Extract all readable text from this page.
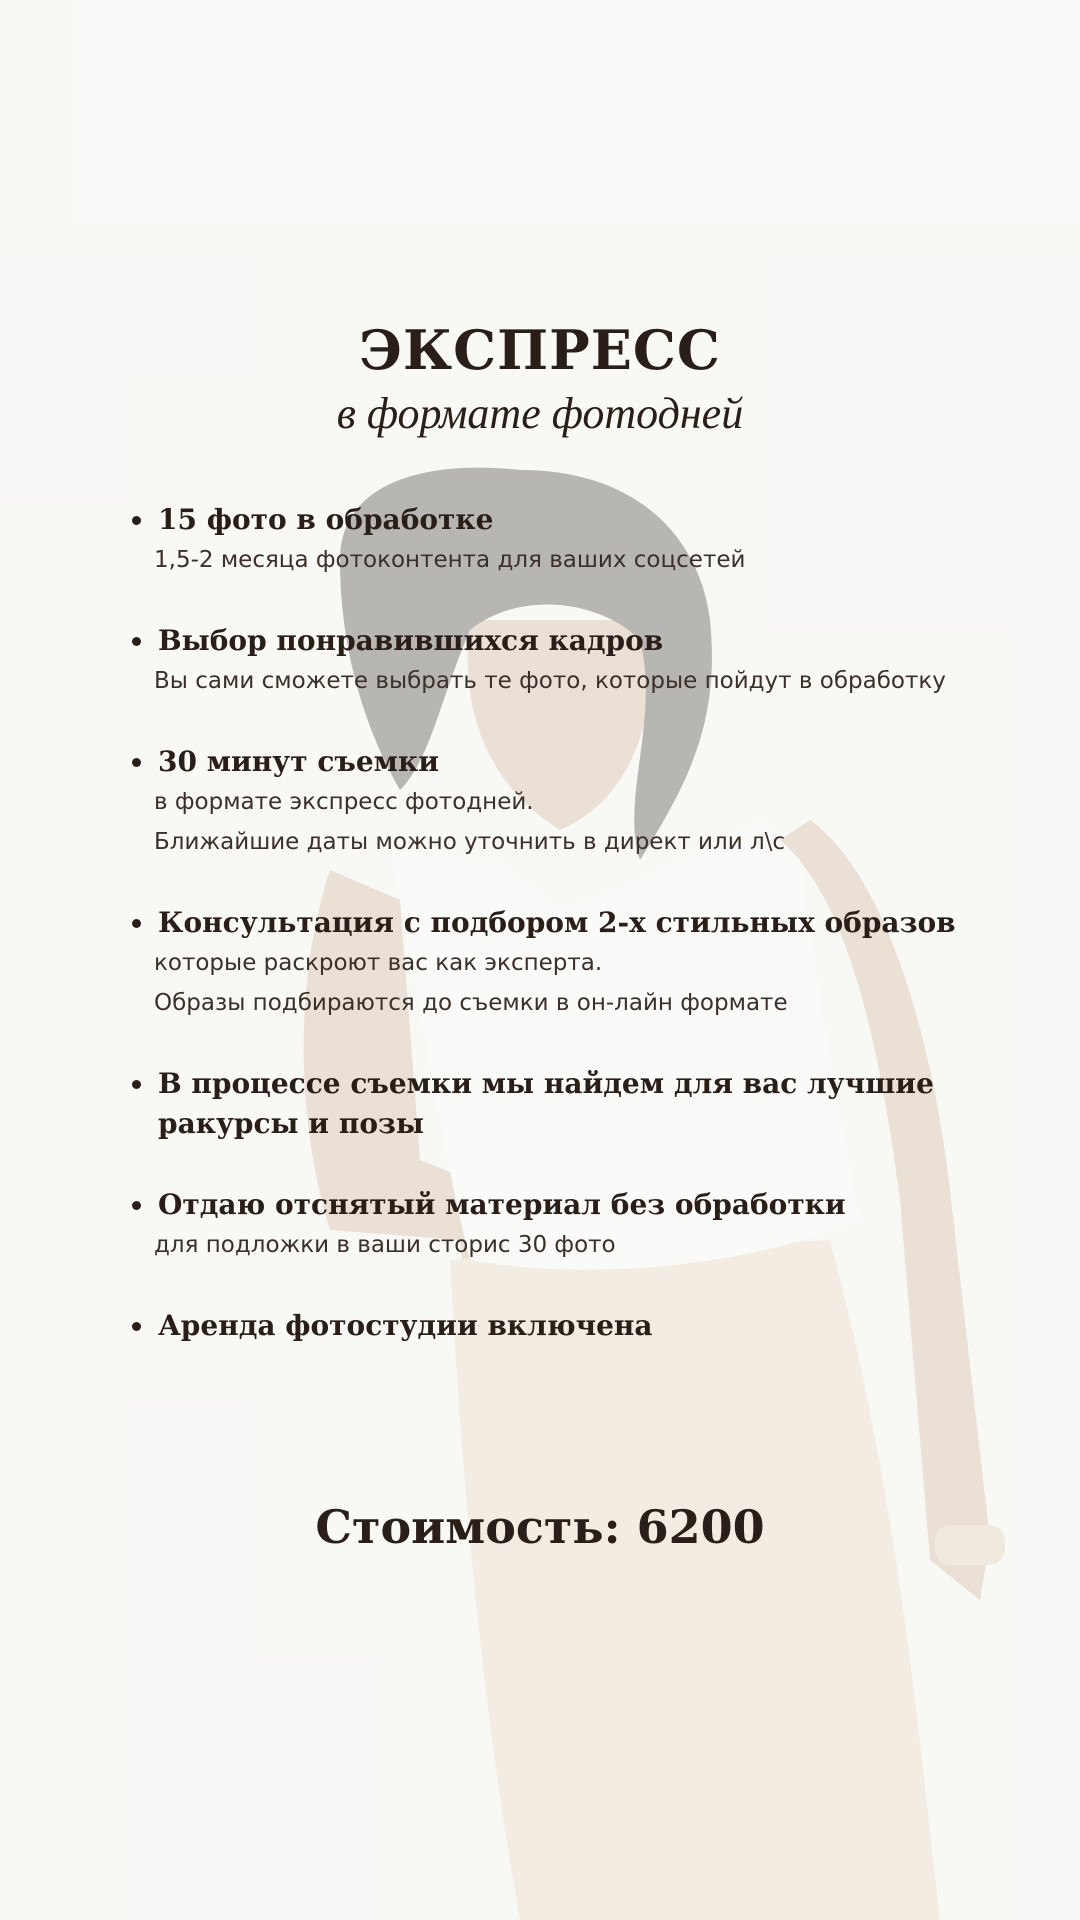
ЭКСПРЕСС
в формате фотодней
15 фото в обработке
1,5-2 месяца фотоконтента для ваших соцсетей
Выбор понравившихся кадров
Вы сами сможете выбрать те фото, которые пойдут в обработку
30 минут съемки
в формате экспресс фотодней.
Ближайшие даты можно уточнить в директ или л\с
Консультация с подбором 2-х стильных образов
которые раскроют вас как эксперта.
Образы подбираются до съемки в он-лайн формате
В процессе съемки мы найдем для вас лучшие ракурсы и позы
Отдаю отснятый материал без обработки
для подложки в ваши сторис 30 фото
Аренда фотостудии включена
Стоимость: 6200
